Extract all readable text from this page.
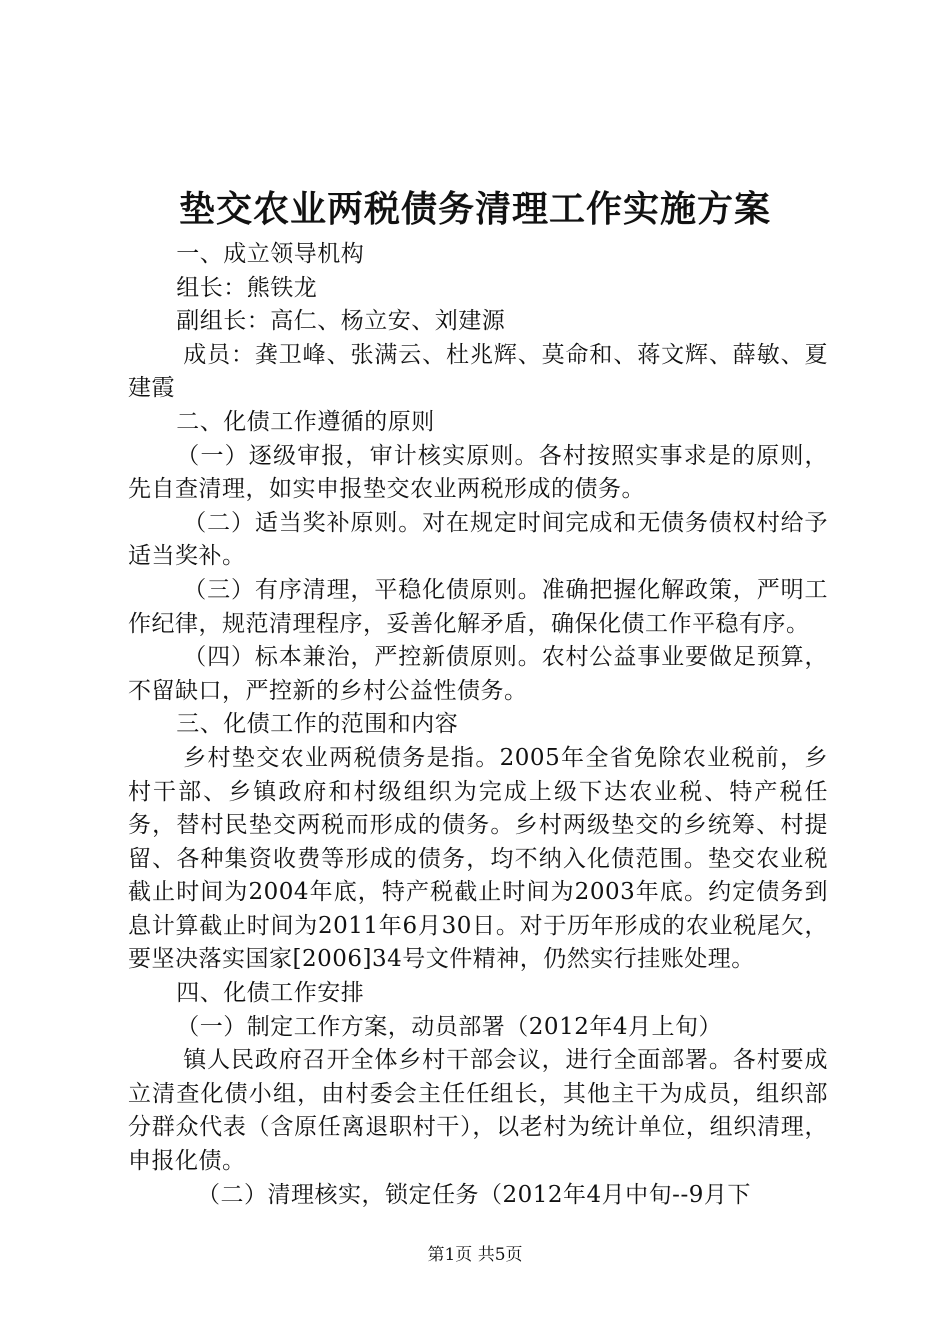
垫交农业两税债务清理工作实施方案

一、成立领导机构

组长：熊铁龙

副组长：高仁、杨立安、刘建源

成员：龚卫峰、张满云、杜兆辉、莫命和、蒋文辉、薛敏、夏建霞

二、化债工作遵循的原则

（一）逐级审报，审计核实原则。各村按照实事求是的原则，先自查清理，如实申报垫交农业两税形成的债务。

（二）适当奖补原则。对在规定时间完成和无债务债权村给予适当奖补。

（三）有序清理，平稳化债原则。准确把握化解政策，严明工作纪律，规范清理程序，妥善化解矛盾，确保化债工作平稳有序。

（四）标本兼治，严控新债原则。农村公益事业要做足预算，不留缺口，严控新的乡村公益性债务。

三、化债工作的范围和内容

乡村垫交农业两税债务是指。2005年全省免除农业税前，乡村干部、乡镇政府和村级组织为完成上级下达农业税、特产税任务，替村民垫交两税而形成的债务。乡村两级垫交的乡统筹、村提留、各种集资收费等形成的债务，均不纳入化债范围。垫交农业税截止时间为2004年底，特产税截止时间为2003年底。约定债务到息计算截止时间为2011年6月30日。对于历年形成的农业税尾欠，要坚决落实国家[2006]34号文件精神，仍然实行挂账处理。

四、化债工作安排

（一）制定工作方案，动员部署（2012年4月上旬）

镇人民政府召开全体乡村干部会议，进行全面部署。各村要成立清查化债小组，由村委会主任任组长，其他主干为成员，组织部分群众代表（含原任离退职村干），以老村为统计单位，组织清理，申报化债。

（二）清理核实，锁定任务（2012年4月中旬--9月下

第1页 共5页
